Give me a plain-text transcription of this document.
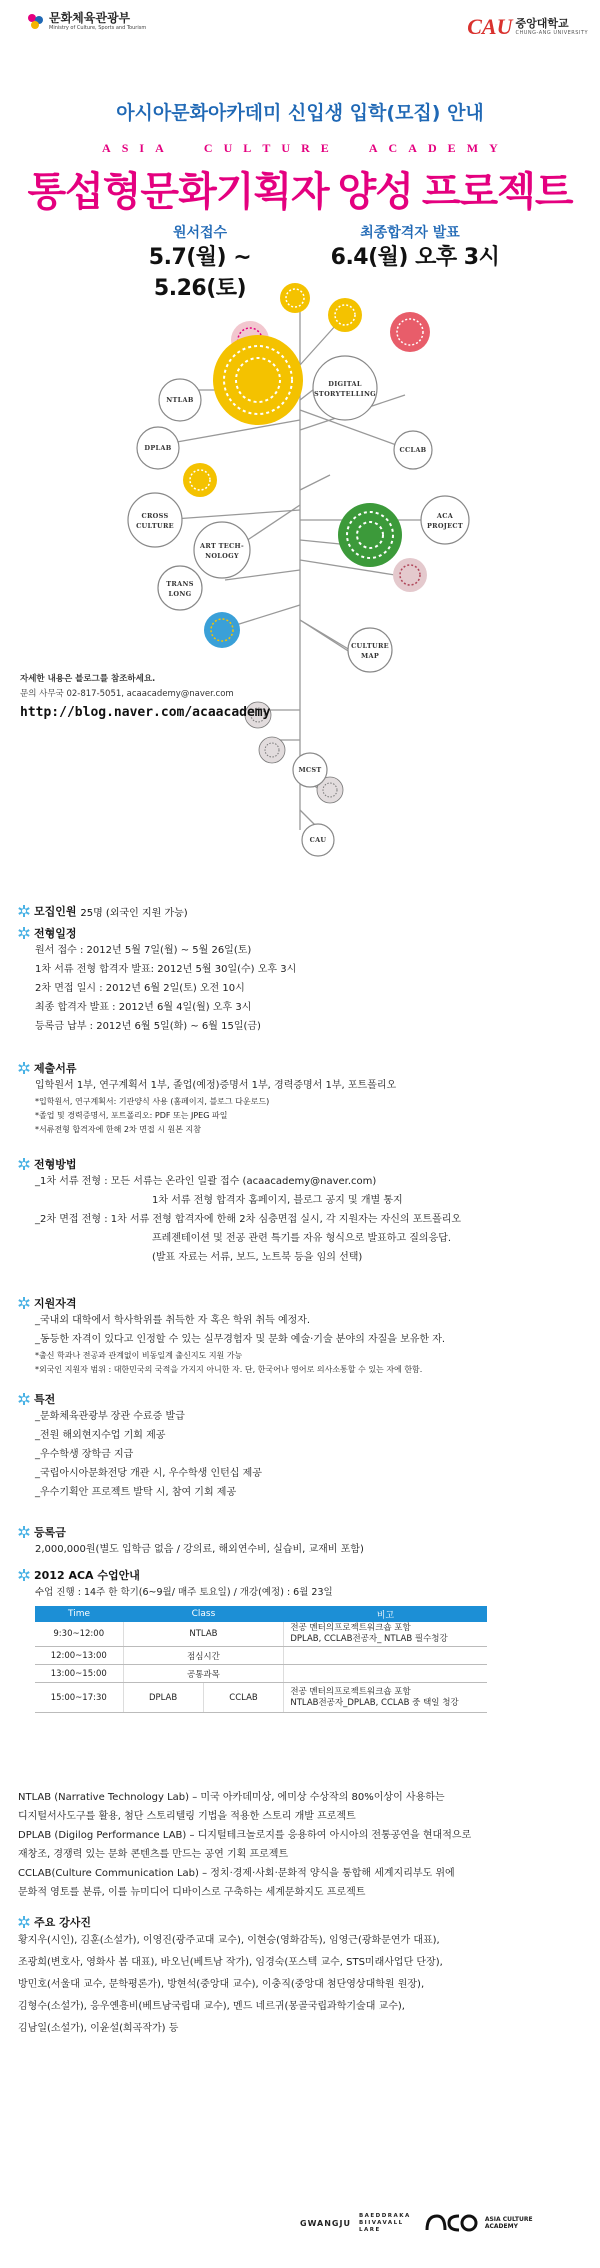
문화체육관광부
Ministry of Culture, Sports and Tourism	CAU 중앙대학교
CHUNG-ANG UNIVERSITY
아시아문화아카데미 신입생 입학(모집) 안내
A S I A	C U L T U R E	A C A D E M Y
통섭형문화기획자 양성 프로젝트
원서접수
5.7(월) ~ 5.26(토)
최종합격자 발표
6.4(월) 오후 3시
NTLAB
DPLAB
DIGITAL
STORYTELLING
CCLAB
CROSS
CULTURE
ART TECH-
NOLOGY
ACA
PROJECT
TRANS
LONG
CULTURE
MAP
MCST
CAU
자세한 내용은 블로그를 참조하세요.
문의 사무국 02-817-5051, acaacademy@naver.com
http://blog.naver.com/acaacademy
모집인원
25명 (외국인 지원 가능)
전형일정
원서 접수 : 2012년 5월 7일(월) ~ 5월 26일(토)
1차 서류 전형 합격자 발표: 2012년 5월 30일(수) 오후 3시
2차 면접 일시 : 2012년 6월 2일(토) 오전 10시
최종 합격자 발표 : 2012년 6월 4일(월) 오후 3시
등록금 납부 : 2012년 6월 5일(화) ~ 6월 15일(금)
제출서류
입학원서 1부, 연구계획서 1부, 졸업(예정)증명서 1부, 경력증명서 1부, 포트폴리오
*입학원서, 연구계획서: 기관양식 사용 (홈페이지, 블로그 다운로드)
*졸업 및 경력증명서, 포트폴리오: PDF 또는 JPEG 파일
*서류전형 합격자에 한해 2차 면접 시 원본 지참
전형방법
_1차 서류 전형 : 모든 서류는 온라인 일괄 접수 (acaacademy@naver.com)
1차 서류 전형 합격자 홈페이지, 블로그 공지 및 개별 통지
_2차 면접 전형 : 1차 서류 전형 합격자에 한해 2차 심층면접 실시, 각 지원자는 자신의 포트폴리오
프레젠테이션 및 전공 관련 특기를 자유 형식으로 발표하고 질의응답.
(발표 자료는 서류, 보드, 노트북 등을 임의 선택)
지원자격
_국내외 대학에서 학사학위를 취득한 자 혹은 학위 취득 예정자.
_동등한 자격이 있다고 인정할 수 있는 실무경험자 및 문화 예술·기술 분야의 자질을 보유한 자.
*출신 학과나 전공과 관계없이 비동일계 출신지도 지원 가능
*외국인 지원자 범위 : 대한민국의 국적을 가지지 아니한 자. 단, 한국어나 영어로 의사소통할 수 있는 자에 한함.
특전
_문화체육관광부 장관 수료증 발급
_전원 해외현지수업 기회 제공
_우수학생 장학금 지급
_국립아시아문화전당 개관 시, 우수학생 인턴십 제공
_우수기획안 프로젝트 발탁 시, 참여 기회 제공
등록금
2,000,000원(별도 입학금 없음 / 강의료, 해외연수비, 실습비, 교재비 포함)
2012 ACA 수업안내
수업 진행 : 14주 한 학기(6~9월/ 매주 토요일) / 개강(예정) : 6월 23일
Time	Class		비고
9:30~12:00	NTLAB		전공 멘터의프로젝트워크숍 포함
DPLAB, CCLAB전공자_ NTLAB 필수청강

12:00~13:00	점심시간		
13:00~15:00	공통과목		
15:00~17:30	DPLAB	CCLAB	전공 멘터의프로젝트워크숍 포함
NTLAB전공자_DPLAB, CCLAB 중 택일 청강
NTLAB (Narrative Technology Lab) – 미국 아카데미상, 에미상 수상작의 80%이상이 사용하는
디지털서사도구를 활용, 첨단 스토리텔링 기법을 적용한 스토리 개발 프로젝트
DPLAB (Digilog Performance LAB) – 디지털테크놀로지를 응용하여 아시아의 전통공연을 현대적으로
재창조, 경쟁력 있는 문화 콘텐츠를 만드는 공연 기획 프로젝트
CCLAB(Culture Communication Lab) – 정치·경제·사회·문화적 양식을 통합해 세계지리부도 위에
문화적 영토를 분류, 이를 뉴미디어 디바이스로 구축하는 세계문화지도 프로젝트
주요 강사진
황지우(시인), 김훈(소설가), 이영진(광주교대 교수), 이현승(영화감독), 임영근(광화문연가 대표),
조광희(변호사, 영화사 봄 대표), 바오닌(베트남 작가), 임경숙(포스텍 교수, STS미래사업단 단장),
방민호(서울대 교수, 문학평론가), 방현석(중앙대 교수), 이충직(중앙대 첨단영상대학원 원장),
김형수(소설가), 응우옌흥비(베트남국립대 교수), 멘드 네르귀(몽골국립과학기술대 교수),
김남일(소설가), 이윤설(희곡작가) 등
GWANGJU
BAEDDRAKA
BIIVAVALL
LARE
ASIA CULTURE ACADEMY
